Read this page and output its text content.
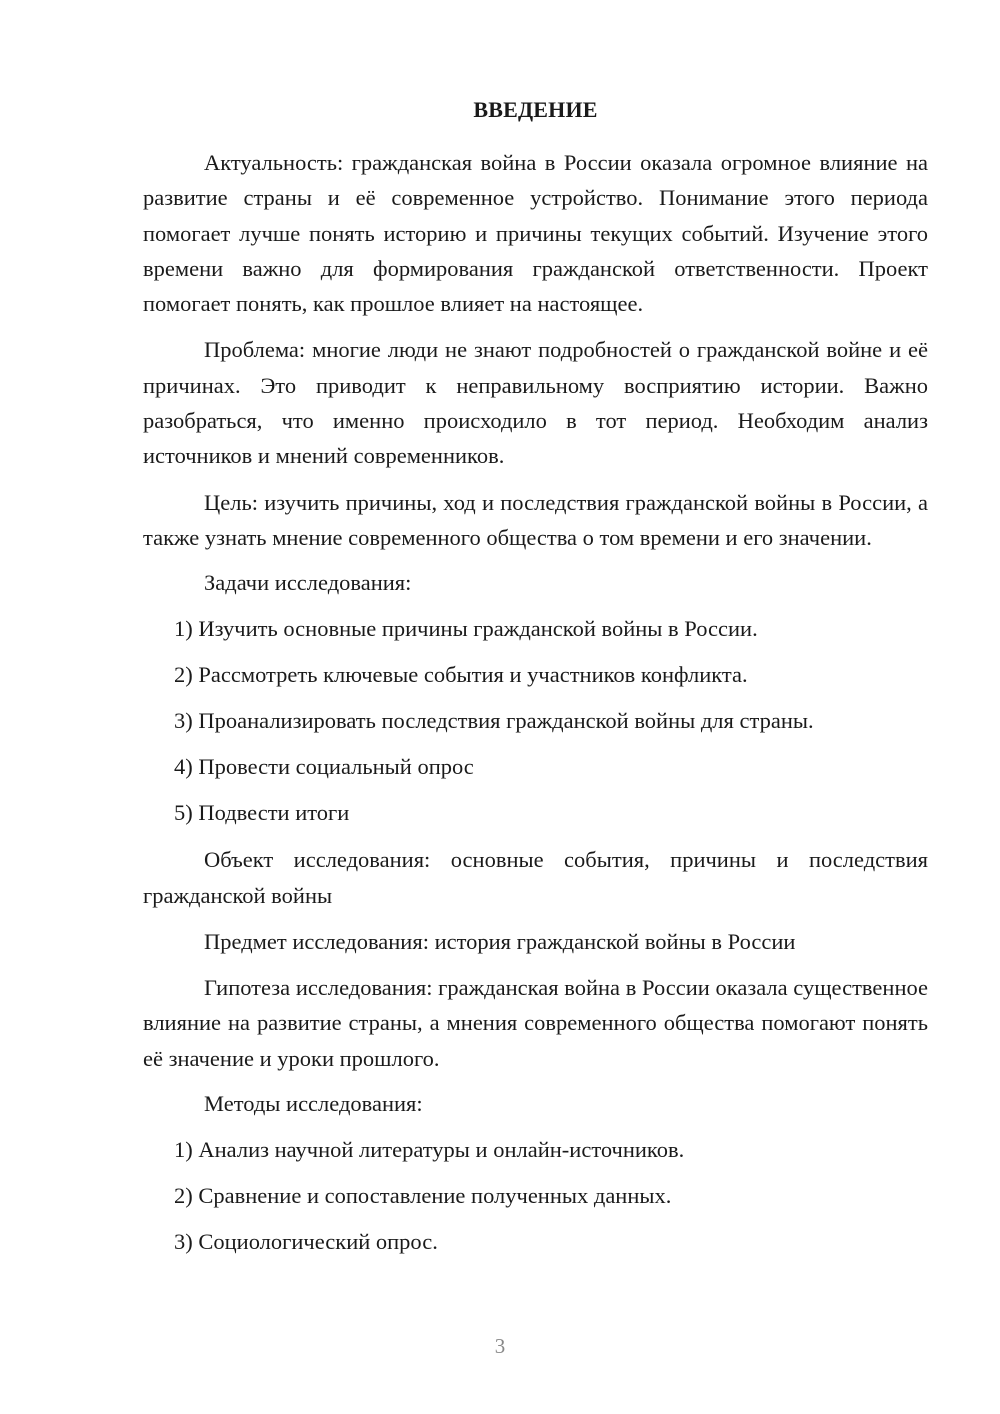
ВВЕДЕНИЕ

Актуальность: гражданская война в России оказала огромное влияние на развитие страны и её современное устройство. Понимание этого периода помогает лучше понять историю и причины текущих событий. Изучение этого времени важно для формирования гражданской ответственности. Проект помогает понять, как прошлое влияет на настоящее.

Проблема: многие люди не знают подробностей о гражданской войне и её причинах. Это приводит к неправильному восприятию истории. Важно разобраться, что именно происходило в тот период. Необходим анализ источников и мнений современников.

Цель: изучить причины, ход и последствия гражданской войны в России, а также узнать мнение современного общества о том времени и его значении.

Задачи исследования:
1) Изучить основные причины гражданской войны в России.
2) Рассмотреть ключевые события и участников конфликта.
3) Проанализировать последствия гражданской войны для страны.
4) Провести социальный опрос
5) Подвести итоги

Объект исследования: основные события, причины и последствия гражданской войны

Предмет исследования: история гражданской войны в России

Гипотеза исследования: гражданская война в России оказала существенное влияние на развитие страны, а мнения современного общества помогают понять её значение и уроки прошлого.

Методы исследования:
1) Анализ научной литературы и онлайн-источников.
2) Сравнение и сопоставление полученных данных.
3) Социологический опрос.
3
